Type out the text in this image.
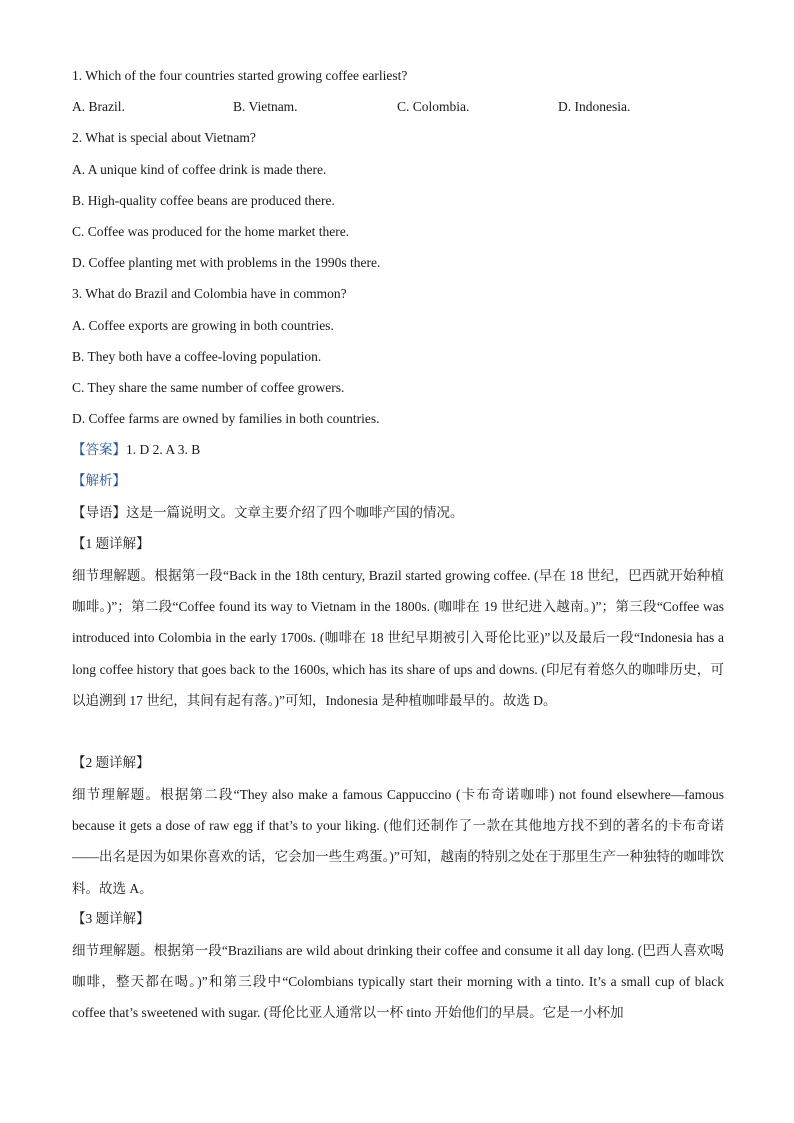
1. Which of the four countries started growing coffee earliest?
A. Brazil.	B. Vietnam.	C. Colombia.	D. Indonesia.
2. What is special about Vietnam?
A. A unique kind of coffee drink is made there.
B. High-quality coffee beans are produced there.
C. Coffee was produced for the home market there.
D. Coffee planting met with problems in the 1990s there.
3. What do Brazil and Colombia have in common?
A. Coffee exports are growing in both countries.
B. They both have a coffee-loving population.
C. They share the same number of coffee growers.
D. Coffee farms are owned by families in both countries.
【答案】1. D 2. A 3. B
【解析】
【导语】这是一篇说明文。文章主要介绍了四个咖啡产国的情况。
【1 题详解】

细节理解题。根据第一段“Back in the 18th century, Brazil started growing coffee. (早在 18 世纪，巴西就开始种植咖啡。)”；第二段“Coffee found its way to Vietnam in the 1800s. (咖啡在 19 世纪进入越南。)”；第三段“Coffee was introduced into Colombia in the early 1700s. (咖啡在 18 世纪早期被引入哥伦比亚)”以及最后一段“Indonesia has a long coffee history that goes back to the 1600s, which has its share of ups and downs. (印尼有着悠久的咖啡历史，可以追溯到 17 世纪，其间有起有落。)”可知，Indonesia 是种植咖啡最早的。故选 D。

【2 题详解】

细节理解题。根据第二段“They also make a famous Cappuccino (卡布奇诺咖啡) not found elsewhere—famous because it gets a dose of raw egg if that’s to your liking. (他们还制作了一款在其他地方找不到的著名的卡布奇诺——出名是因为如果你喜欢的话，它会加一些生鸡蛋。)”可知，越南的特别之处在于那里生产一种独特的咖啡饮料。故选 A。

【3 题详解】

细节理解题。根据第一段“Brazilians are wild about drinking their coffee and consume it all day long. (巴西人喜欢喝咖啡，整天都在喝。)”和第三段中“Colombians typically start their morning with a tinto. It’s a small cup of black coffee that’s sweetened with sugar. (哥伦比亚人通常以一杯 tinto 开始他们的早晨。它是一小杯加
